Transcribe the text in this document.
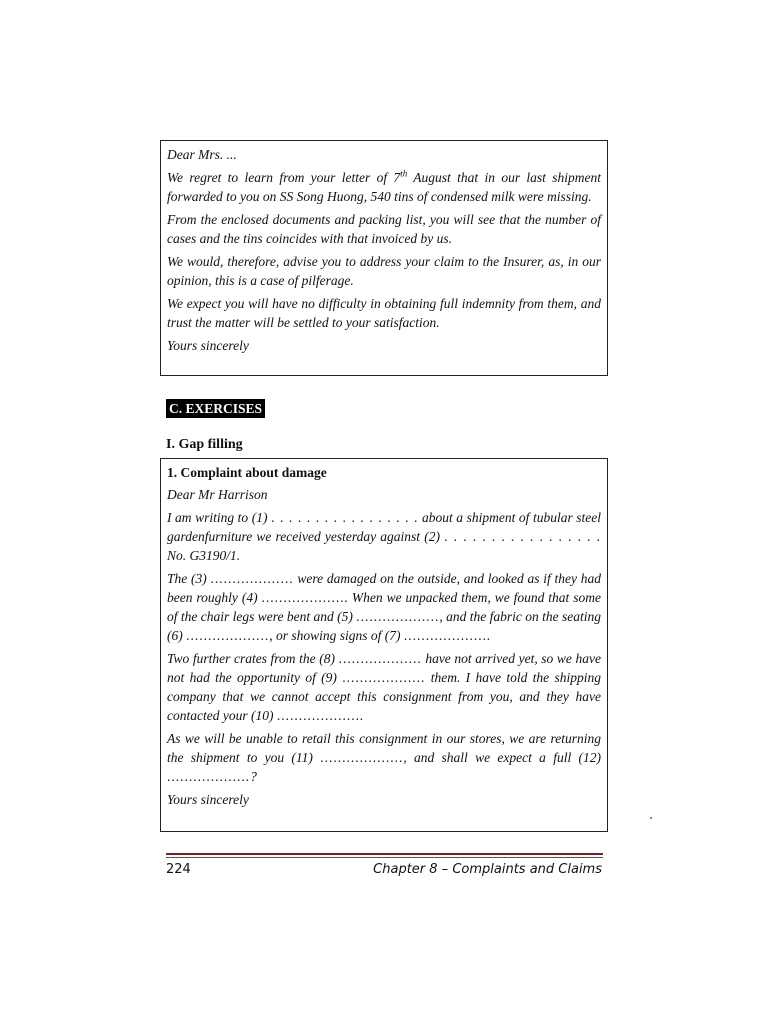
Dear Mrs. ...

We regret to learn from your letter of 7th August that in our last shipment forwarded to you on SS Song Huong, 540 tins of condensed milk were missing.

From the enclosed documents and packing list, you will see that the number of cases and the tins coincides with that invoiced by us.

We would, therefore, advise you to address your claim to the Insurer, as, in our opinion, this is a case of pilferage.

We expect you will have no difficulty in obtaining full indemnity from them, and trust the matter will be settled to your satisfaction.

Yours sincerely

C. EXERCISES
I. Gap filling
1. Complaint about damage

Dear Mr Harrison

I am writing to (1) . . . . . . . . . . . . . . . . . about a shipment of tubular steel gardenfurniture we received yesterday against (2) . . . . . . . . . . . . . . . . . No. G3190/1.

The (3) ................... were damaged on the outside, and looked as if they had been roughly (4) .................... When we unpacked them, we found that some of the chair legs were bent and (5) ..................., and the fabric on the seating (6) ..................., or showing signs of (7) ....................

Two further crates from the (8) ................... have not arrived yet, so we have not had the opportunity of (9) ................... them. I have told the shipping company that we cannot accept this consignment from you, and they have contacted your (10) ....................

As we will be unable to retail this consignment in our stores, we are returning the shipment to you (11) ..................., and shall we expect a full (12) ...................?

Yours sincerely

224	Chapter 8 – Complaints and Claims
